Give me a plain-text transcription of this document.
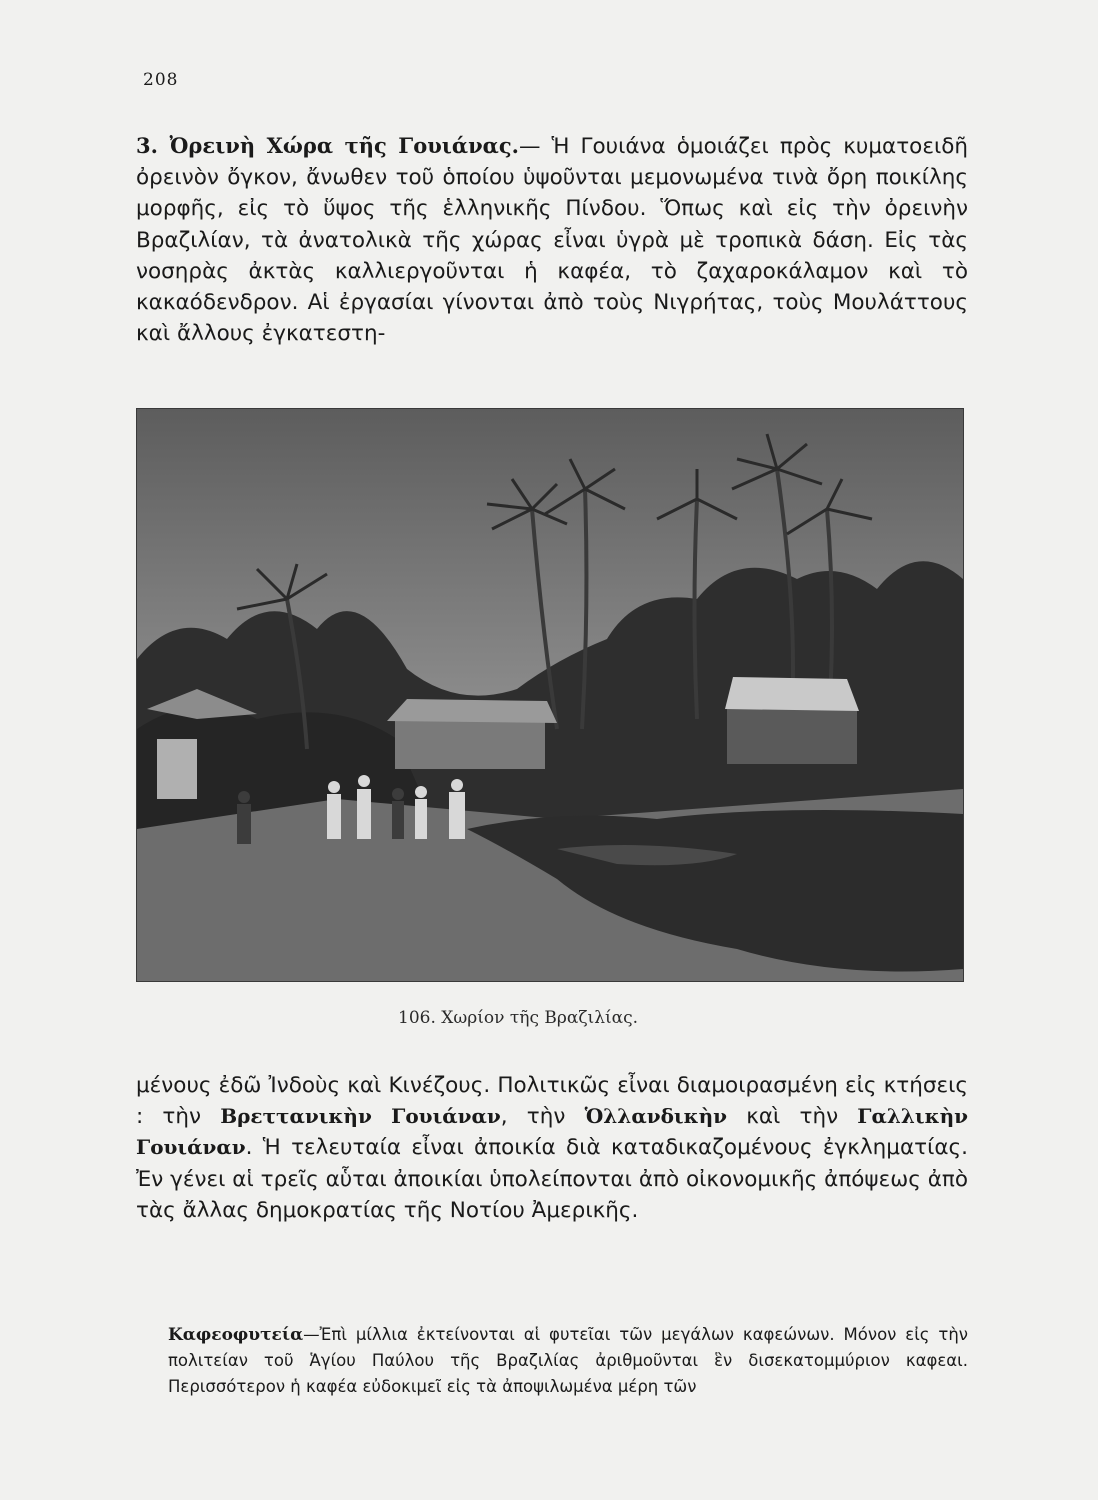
208

3. Ὀρεινὴ Χώρα τῆς Γουιάνας.— Ἡ Γουιάνα ὁμοιάζει πρὸς κυματοειδῆ ὀρεινὸν ὄγκον, ἄνωθεν τοῦ ὁποίου ὑψοῦνται μεμονωμένα τινὰ ὄρη ποικίλης μορφῆς, εἰς τὸ ὕψος τῆς ἑλληνικῆς Πίνδου. Ὅπως καὶ εἰς τὴν ὀρεινὴν Βραζιλίαν, τὰ ἀνατολικὰ τῆς χώρας εἶναι ὑγρὰ μὲ τροπικὰ δάση. Εἰς τὰς νοσηρὰς ἀκτὰς καλλιεργοῦνται ἡ καφέα, τὸ ζαχαροκάλαμον καὶ τὸ κακαόδενδρον. Αἱ ἐργασίαι γίνονται ἀπὸ τοὺς Νιγρήτας, τοὺς Μουλάττους καὶ ἄλλους ἐγκατεστη-

106. Χωρίον τῆς Βραζιλίας.

μένους ἐδῶ Ἰνδοὺς καὶ Κινέζους. Πολιτικῶς εἶναι διαμοιρασμένη εἰς κτήσεις : τὴν Βρεττανικὴν Γουιάναν, τὴν Ὁλλανδικὴν καὶ τὴν Γαλλικὴν Γουιάναν. Ἡ τελευταία εἶναι ἀποικία διὰ καταδικαζομένους ἐγκληματίας. Ἐν γένει αἱ τρεῖς αὗται ἀποικίαι ὑπολείπονται ἀπὸ οἰκονομικῆς ἀπόψεως ἀπὸ τὰς ἄλλας δημοκρατίας τῆς Νοτίου Ἀμερικῆς.

Καφεοφυτεία—Ἐπὶ μίλλια ἐκτείνονται αἱ φυτεῖαι τῶν μεγάλων καφεώνων. Μόνον εἰς τὴν πολιτείαν τοῦ Ἁγίου Παύλου τῆς Βραζιλίας ἀριθμοῦνται ἓν δισεκατομμύριον καφεαι. Περισσότερον ἡ καφέα εὐδοκιμεῖ εἰς τὰ ἀποψιλωμένα μέρη τῶν
